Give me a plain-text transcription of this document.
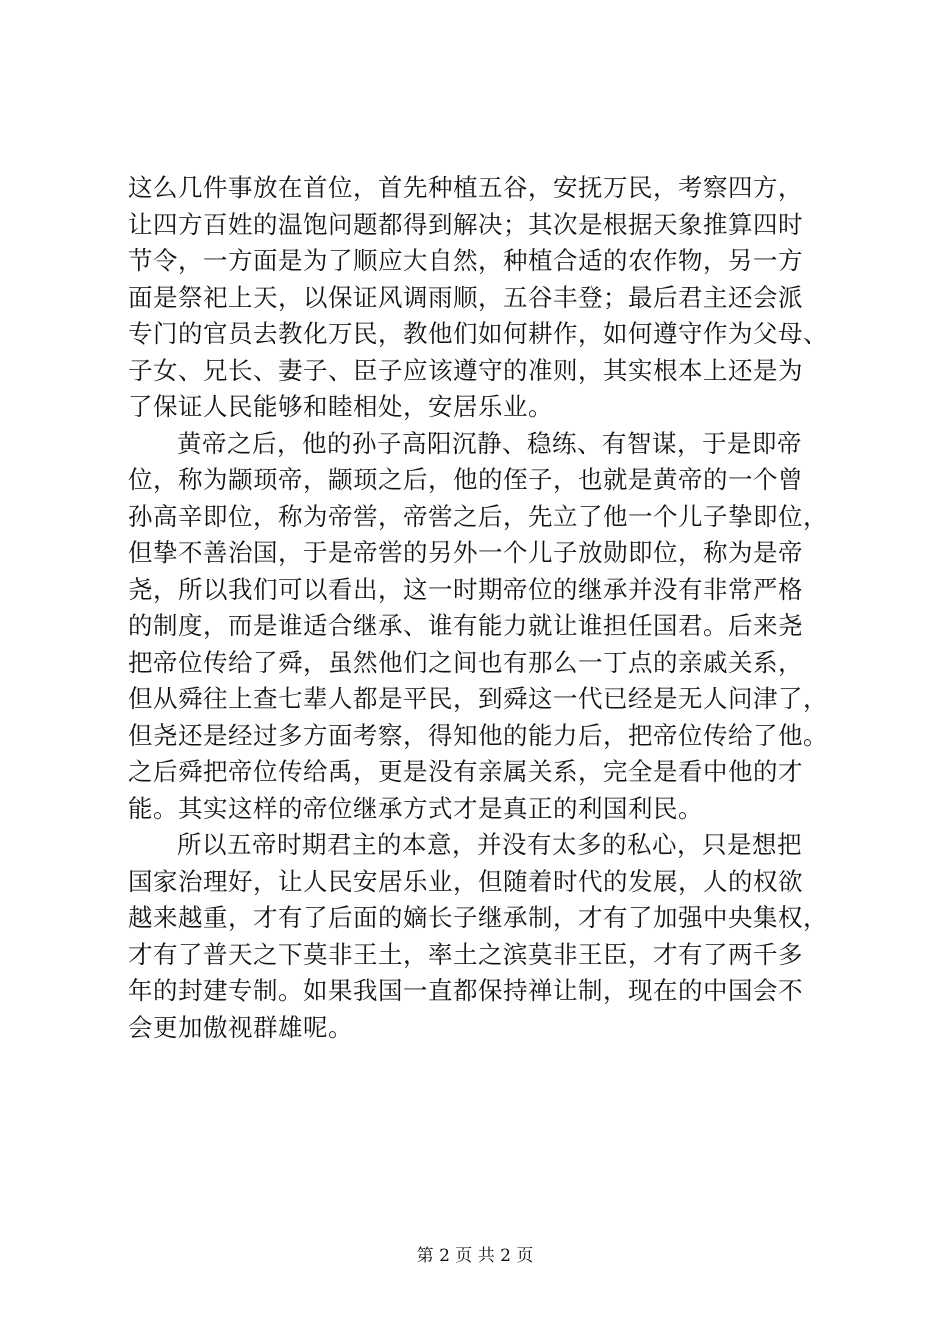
这么几件事放在首位，首先种植五谷，安抚万民，考察四方，
让四方百姓的温饱问题都得到解决；其次是根据天象推算四时
节令，一方面是为了顺应大自然，种植合适的农作物，另一方
面是祭祀上天，以保证风调雨顺，五谷丰登；最后君主还会派
专门的官员去教化万民，教他们如何耕作，如何遵守作为父母、
子女、兄长、妻子、臣子应该遵守的准则，其实根本上还是为
了保证人民能够和睦相处，安居乐业。
黄帝之后，他的孙子高阳沉静、稳练、有智谋，于是即帝
位，称为颛顼帝，颛顼之后，他的侄子，也就是黄帝的一个曾
孙高辛即位，称为帝喾，帝喾之后，先立了他一个儿子挚即位，
但挚不善治国，于是帝喾的另外一个儿子放勋即位，称为是帝
尧，所以我们可以看出，这一时期帝位的继承并没有非常严格
的制度，而是谁适合继承、谁有能力就让谁担任国君。后来尧
把帝位传给了舜，虽然他们之间也有那么一丁点的亲戚关系，
但从舜往上查七辈人都是平民，到舜这一代已经是无人问津了，
但尧还是经过多方面考察，得知他的能力后，把帝位传给了他。
之后舜把帝位传给禹，更是没有亲属关系，完全是看中他的才
能。其实这样的帝位继承方式才是真正的利国利民。
所以五帝时期君主的本意，并没有太多的私心，只是想把
国家治理好，让人民安居乐业，但随着时代的发展，人的权欲
越来越重，才有了后面的嫡长子继承制，才有了加强中央集权，
才有了普天之下莫非王土，率土之滨莫非王臣，才有了两千多
年的封建专制。如果我国一直都保持禅让制，现在的中国会不
会更加傲视群雄呢。
第 2 页 共 2 页
